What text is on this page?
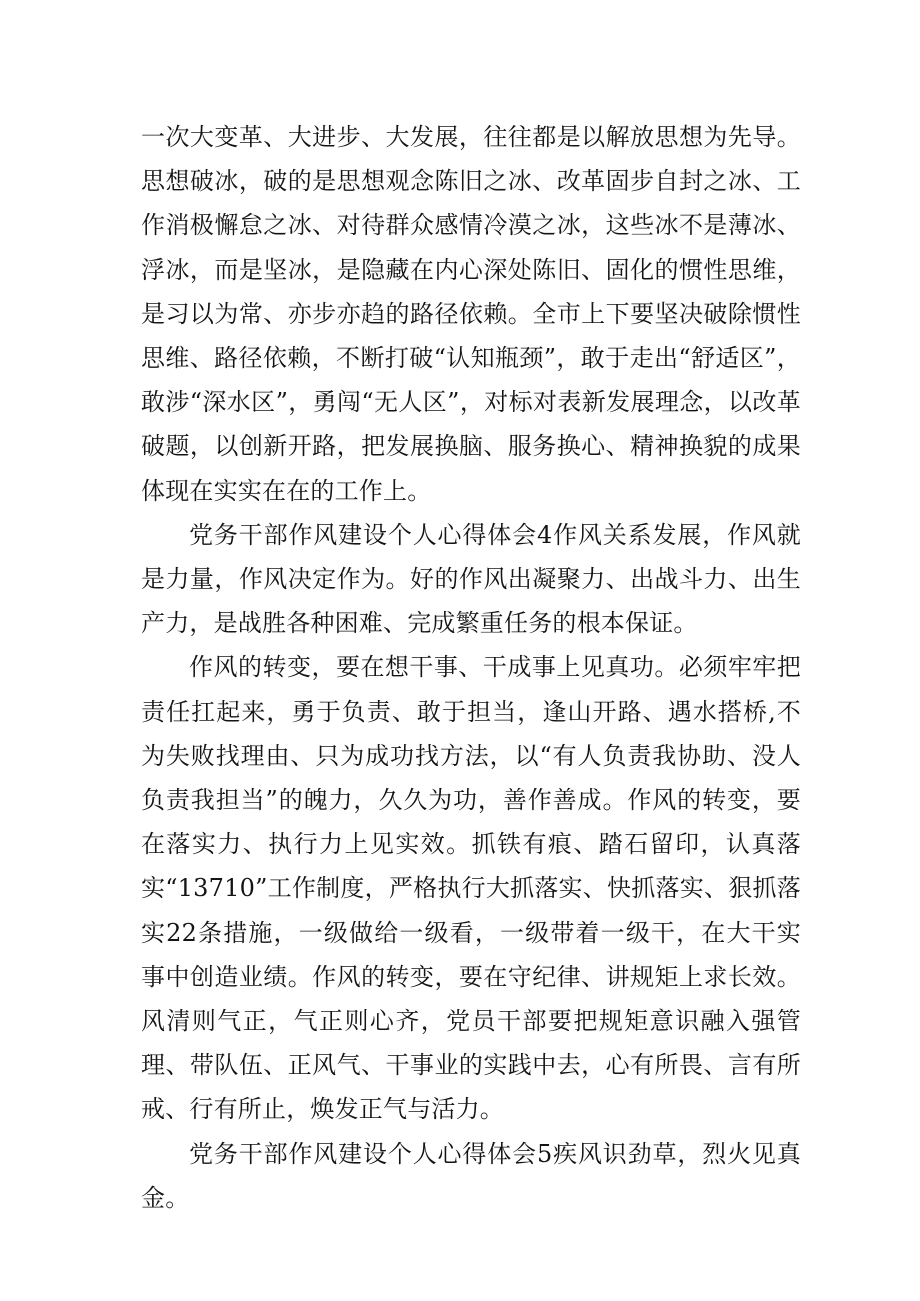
一次大变革、大进步、大发展，往往都是以解放思想为先导。思想破冰，破的是思想观念陈旧之冰、改革固步自封之冰、工作消极懈怠之冰、对待群众感情冷漠之冰，这些冰不是薄冰、浮冰，而是坚冰，是隐藏在内心深处陈旧、固化的惯性思维，是习以为常、亦步亦趋的路径依赖。全市上下要坚决破除惯性思维、路径依赖，不断打破“认知瓶颈”，敢于走出“舒适区”，敢涉“深水区”，勇闯“无人区”，对标对表新发展理念，以改革破题，以创新开路，把发展换脑、服务换心、精神换貌的成果体现在实实在在的工作上。

党务干部作风建设个人心得体会4作风关系发展，作风就是力量，作风决定作为。好的作风出凝聚力、出战斗力、出生产力，是战胜各种困难、完成繁重任务的根本保证。

作风的转变，要在想干事、干成事上见真功。必须牢牢把责任扛起来，勇于负责、敢于担当，逢山开路、遇水搭桥,不为失败找理由、只为成功找方法，以“有人负责我协助、没人负责我担当”的魄力，久久为功，善作善成。作风的转变，要在落实力、执行力上见实效。抓铁有痕、踏石留印，认真落实“13710”工作制度，严格执行大抓落实、快抓落实、狠抓落实22条措施，一级做给一级看，一级带着一级干，在大干实事中创造业绩。作风的转变，要在守纪律、讲规矩上求长效。风清则气正，气正则心齐，党员干部要把规矩意识融入强管理、带队伍、正风气、干事业的实践中去，心有所畏、言有所戒、行有所止，焕发正气与活力。

党务干部作风建设个人心得体会5疾风识劲草，烈火见真金。
